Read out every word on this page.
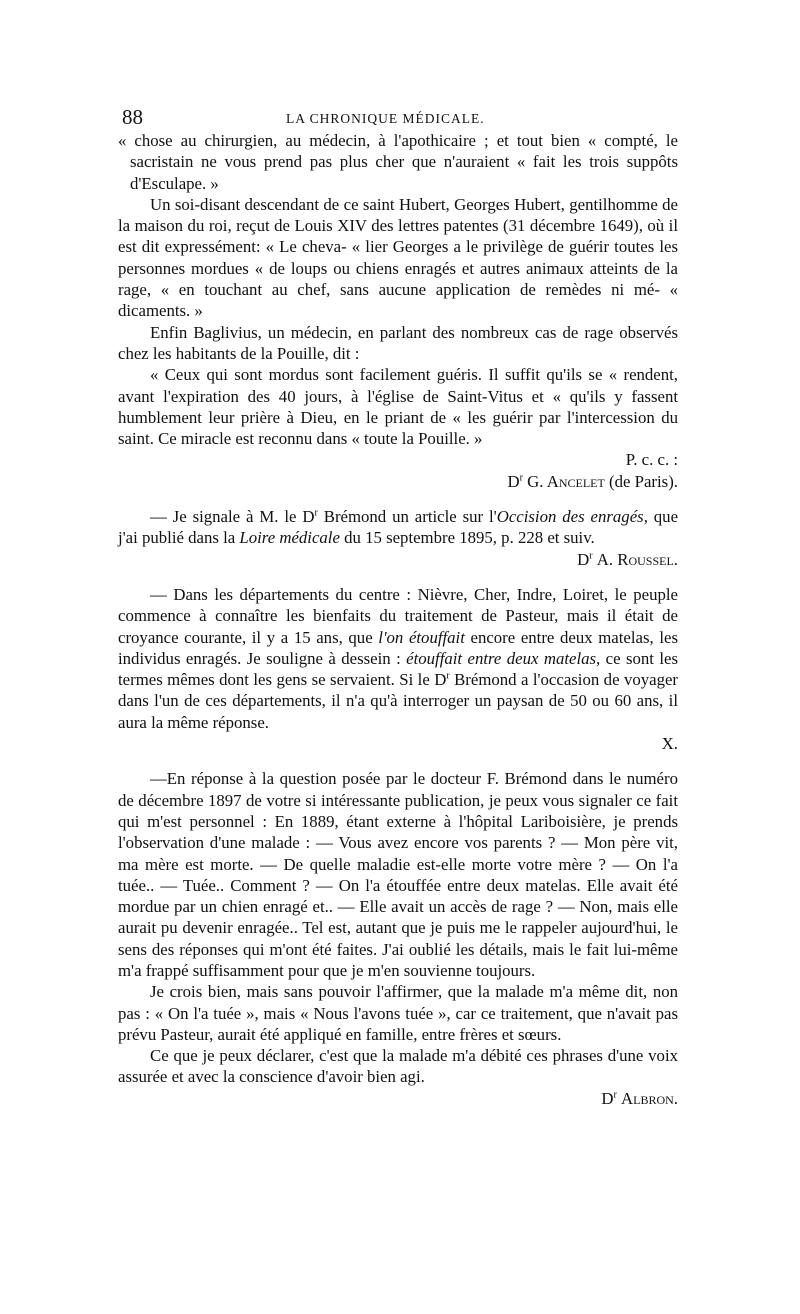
88	LA CHRONIQUE MÉDICALE.

« chose au chirurgien, au médecin, à l'apothicaire ; et tout bien « compté, le sacristain ne vous prend pas plus cher que n'auraient « fait les trois suppôts d'Esculape. »

Un soi-disant descendant de ce saint Hubert, Georges Hubert, gentilhomme de la maison du roi, reçut de Louis XIV des lettres patentes (31 décembre 1649), où il est dit expressément: « Le cheva- « lier Georges a le privilège de guérir toutes les personnes mordues « de loups ou chiens enragés et autres animaux atteints de la rage, « en touchant au chef, sans aucune application de remèdes ni mé- « dicaments. »

Enfin Baglivius, un médecin, en parlant des nombreux cas de rage observés chez les habitants de la Pouille, dit :

« Ceux qui sont mordus sont facilement guéris. Il suffit qu'ils se « rendent, avant l'expiration des 40 jours, à l'église de Saint-Vitus et « qu'ils y fassent humblement leur prière à Dieu, en le priant de « les guérir par l'intercession du saint. Ce miracle est reconnu dans « toute la Pouille. »

P. c. c. :

$D^r$ G. Ancelet (de Paris).

— Je signale à M. le $D^r$ Brémond un article sur l'Occision des enragés, que j'ai publié dans la Loire médicale du 15 septembre 1895, p. 228 et suiv.

$D^r$ A. Roussel.

— Dans les départements du centre : Nièvre, Cher, Indre, Loiret, le peuple commence à connaître les bienfaits du traitement de Pasteur, mais il était de croyance courante, il y a 15 ans, que l'on étouffait encore entre deux matelas, les individus enragés. Je souligne à dessein : étouffait entre deux matelas, ce sont les termes mêmes dont les gens se servaient. Si le $D^r$ Brémond a l'occasion de voyager dans l'un de ces départements, il n'a qu'à interroger un paysan de 50 ou 60 ans, il aura la même réponse.

X.

—En réponse à la question posée par le docteur F. Brémond dans le numéro de décembre 1897 de votre si intéressante publication, je peux vous signaler ce fait qui m'est personnel : En 1889, étant externe à l'hôpital Lariboisière, je prends l'observation d'une malade : — Vous avez encore vos parents ? — Mon père vit, ma mère est morte. — De quelle maladie est-elle morte votre mère ? — On l'a tuée.. — Tuée.. Comment ? — On l'a étouffée entre deux matelas. Elle avait été mordue par un chien enragé et.. — Elle avait un accès de rage ? — Non, mais elle aurait pu devenir enragée.. Tel est, autant que je puis me le rappeler aujourd'hui, le sens des réponses qui m'ont été faites. J'ai oublié les détails, mais le fait lui-même m'a frappé suffisamment pour que je m'en souvienne toujours.

Je crois bien, mais sans pouvoir l'affirmer, que la malade m'a même dit, non pas : « On l'a tuée », mais « Nous l'avons tuée », car ce traitement, que n'avait pas prévu Pasteur, aurait été appliqué en famille, entre frères et sœurs.

Ce que je peux déclarer, c'est que la malade m'a débité ces phrases d'une voix assurée et avec la conscience d'avoir bien agi.

$D^r$ Albron.
